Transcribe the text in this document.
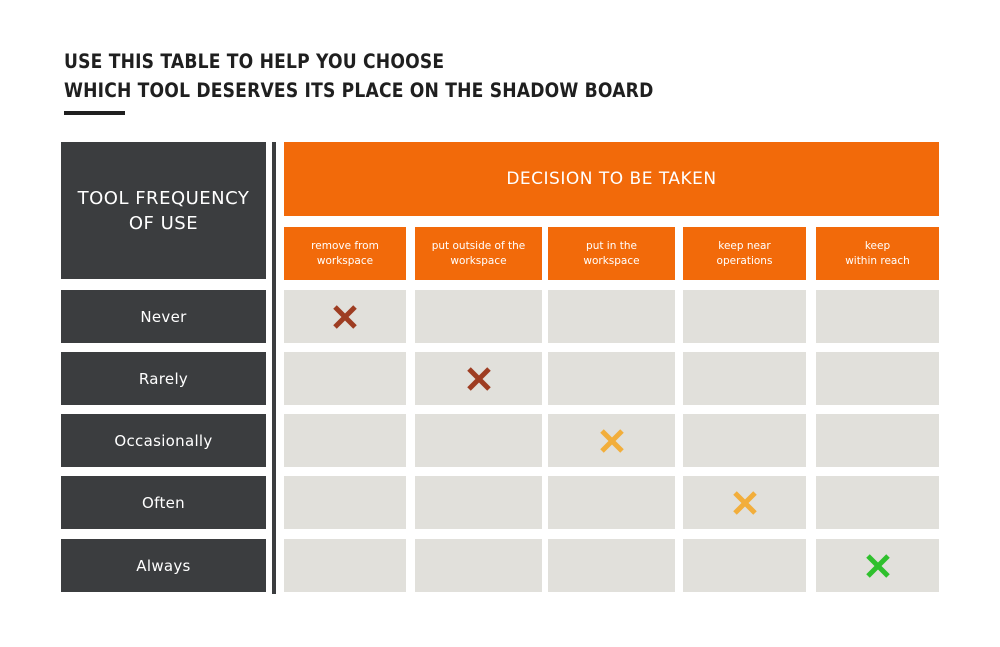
USE THIS TABLE TO HELP YOU CHOOSE
WHICH TOOL DESERVES ITS PLACE ON THE SHADOW BOARD
TOOL FREQUENCY
OF USE
DECISION TO BE TAKEN
remove from
workspace
put outside of the
workspace
put in the
workspace
keep near
operations
keep
within reach
Never
Rarely
Occasionally
Often
Always
